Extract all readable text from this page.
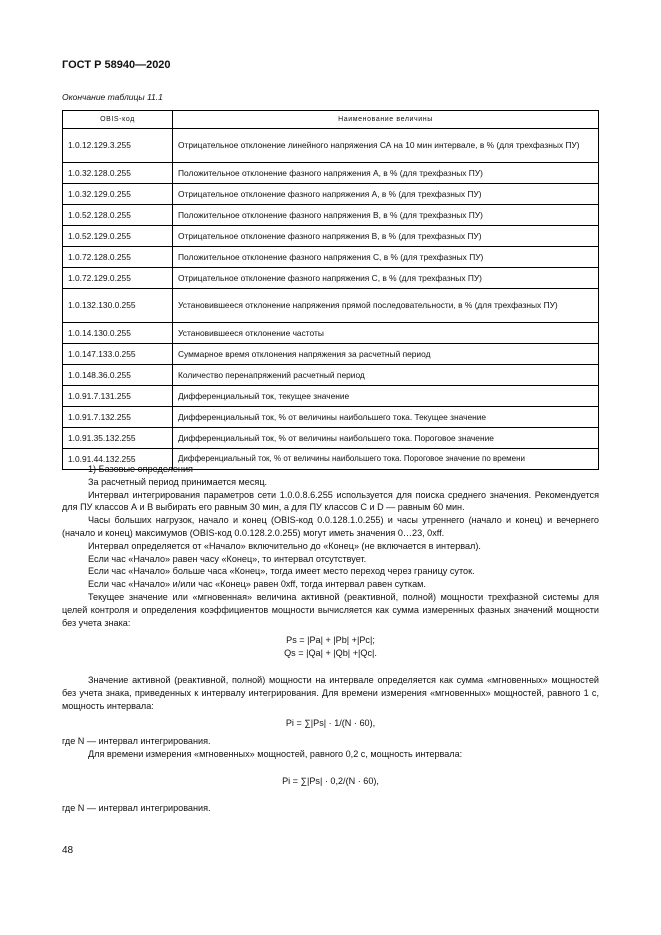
ГОСТ Р 58940—2020
Окончание таблицы 11.1
OBIS-код	Наименование величины
1.0.12.129.3.255	Отрицательное отклонение линейного напряжения СА на 10 мин интервале, в % (для трехфазных ПУ)
1.0.32.128.0.255	Положительное отклонение фазного напряжения А, в % (для трехфазных ПУ)
1.0.32.129.0.255	Отрицательное отклонение фазного напряжения А, в % (для трехфазных ПУ)
1.0.52.128.0.255	Положительное отклонение фазного напряжения В, в % (для трехфазных ПУ)
1.0.52.129.0.255	Отрицательное отклонение фазного напряжения В, в % (для трехфазных ПУ)
1.0.72.128.0.255	Положительное отклонение фазного напряжения С, в % (для трехфазных ПУ)
1.0.72.129.0.255	Отрицательное отклонение фазного напряжения С, в % (для трехфазных ПУ)
1.0.132.130.0.255	Установившееся отклонение напряжения прямой последовательности, в % (для трехфазных ПУ)
1.0.14.130.0.255	Установившееся отклонение частоты
1.0.147.133.0.255	Суммарное время отклонения напряжения за расчетный период
1.0.148.36.0.255	Количество перенапряжений расчетный период
1.0.91.7.131.255	Дифференциальный ток, текущее значение
1.0.91.7.132.255	Дифференциальный ток, % от величины наибольшего тока. Текущее значение
1.0.91.35.132.255	Дифференциальный ток, % от величины наибольшего тока. Пороговое значение
1.0.91.44.132.255	Дифференциальный ток, % от величины наибольшего тока. Пороговое значение по времени

1) Базовые определения

За расчетный период принимается месяц.

Интервал интегрирования параметров сети 1.0.0.8.6.255 используется для поиска среднего значения. Рекомендуется для ПУ классов А и В выбирать его равным 30 мин, а для ПУ классов С и D — равным 60 мин.

Часы больших нагрузок, начало и конец (OBIS-код 0.0.128.1.0.255) и часы утреннего (начало и конец) и вечернего (начало и конец) максимумов (OBIS-код 0.0.128.2.0.255) могут иметь значения 0…23, 0xff.

Интервал определяется от «Начало» включительно до «Конец» (не включается в интервал).

Если час «Начало» равен часу «Конец», то интервал отсутствует.

Если час «Начало» больше часа «Конец», тогда имеет место переход через границу суток.

Если час «Начало» и/или час «Конец» равен 0xff, тогда интервал равен суткам.

Текущее значение или «мгновенная» величина активной (реактивной, полной) мощности трехфазной системы для целей контроля и определения коэффициентов мощности вычисляется как сумма измеренных фазных значений мощности без учета знака:

Ps = |Pa| + |Pb| +|Pc|;
Qs = |Qa| + |Qb| +|Qc|.

Значение активной (реактивной, полной) мощности на интервале определяется как сумма «мгновенных» мощностей без учета знака, приведенных к интервалу интегрирования. Для времени измерения «мгновенных» мощностей, равного 1 с, мощность интервала:

Pi = ∑|Ps| · 1/(N · 60),

где N — интервал интегрирования.

Для времени измерения «мгновенных» мощностей, равного 0,2 с, мощность интервала:

Pi = ∑|Ps| · 0,2/(N · 60),

где N — интервал интегрирования.

48
